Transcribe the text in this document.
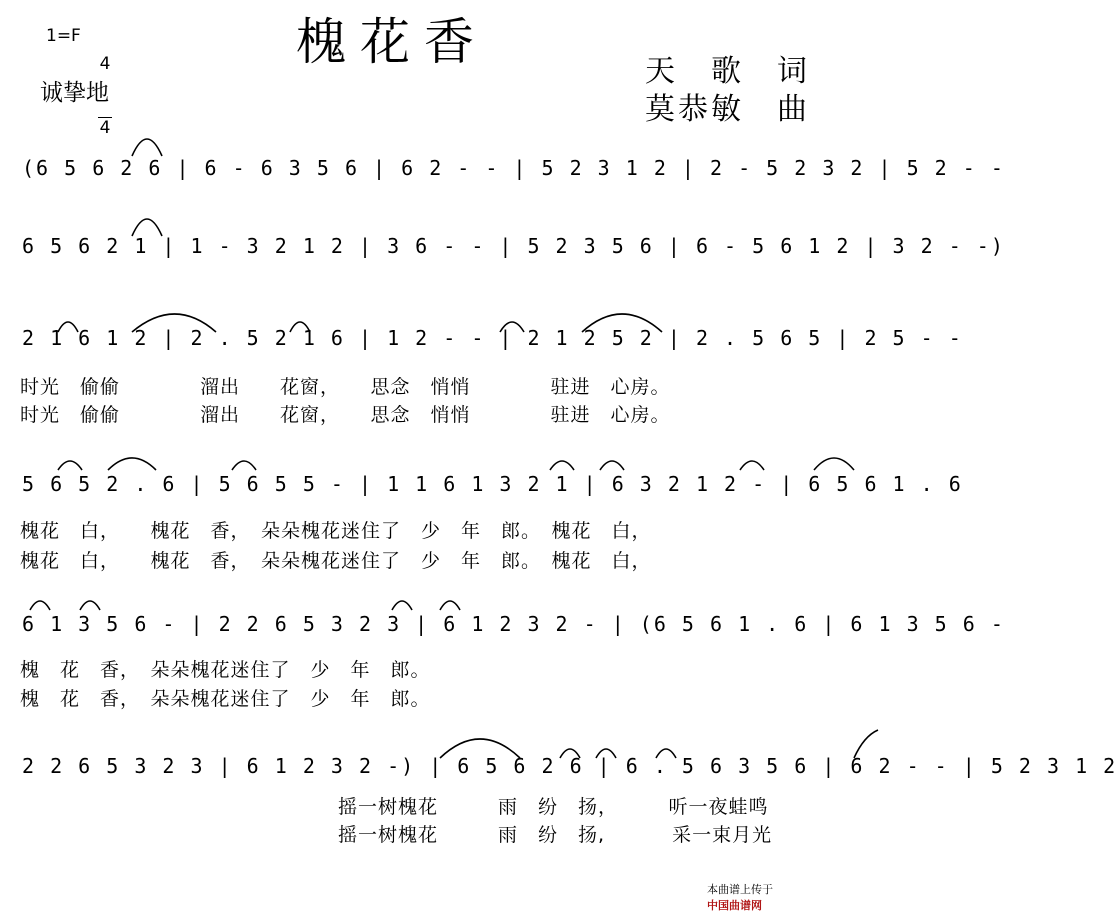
槐花香
1=F

4

4

诚挚地
天　歌　词
莫恭敏　曲

(6 5 6 2 6 | 6 - 6 3 5 6 | 6 2 - - | 5 2 3 1 2 | 2 - 5 2 3 2 | 5 2 - -

6 5 6 2 1 | 1 - 3 2 1 2 | 3 6 - - | 5 2 3 5 6 | 6 - 5 6 1 2 | 3 2 - -)

2 1 6 1 2 | 2 . 5 2 1 6 | 1 2 - - | 2 1 2 5 2 | 2 . 5 6 5 | 2 5 - -

时光　偷偷　　　　溜出　　花窗，　　思念　悄悄　　　　驻进　心房。
时光　偷偷　　　　溜出　　花窗，　　思念　悄悄　　　　驻进　心房。

5 6 5 2 . 6 | 5 6 5 5 - | 1 1 6 1 3 2 1 | 6 3 2 1 2 - | 6 5 6 1 . 6

槐花　白，　　槐花　香，　朵朵槐花迷住了　少　年　郎。　槐花　白，
槐花　白，　　槐花　香，　朵朵槐花迷住了　少　年　郎。　槐花　白，

6 1 3 5 6 - | 2 2 6 5 3 2 3 | 6 1 2 3 2 - | (6 5 6 1 . 6 | 6 1 3 5 6 -

槐　花　香，　朵朵槐花迷住了　少　年　郎。
槐　花　香，　朵朵槐花迷住了　少　年　郎。

2 2 6 5 3 2 3 | 6 1 2 3 2 -) | 6 5 6 2 6 | 6 . 5 6 3 5 6 | 6 2 - - | 5 2 3 1 2

摇一树槐花　　　雨　纷　扬，　　　听一夜蛙鸣
摇一树槐花　　　雨　纷　扬,　　　 采一束月光

本曲谱上传于
中国曲谱网
